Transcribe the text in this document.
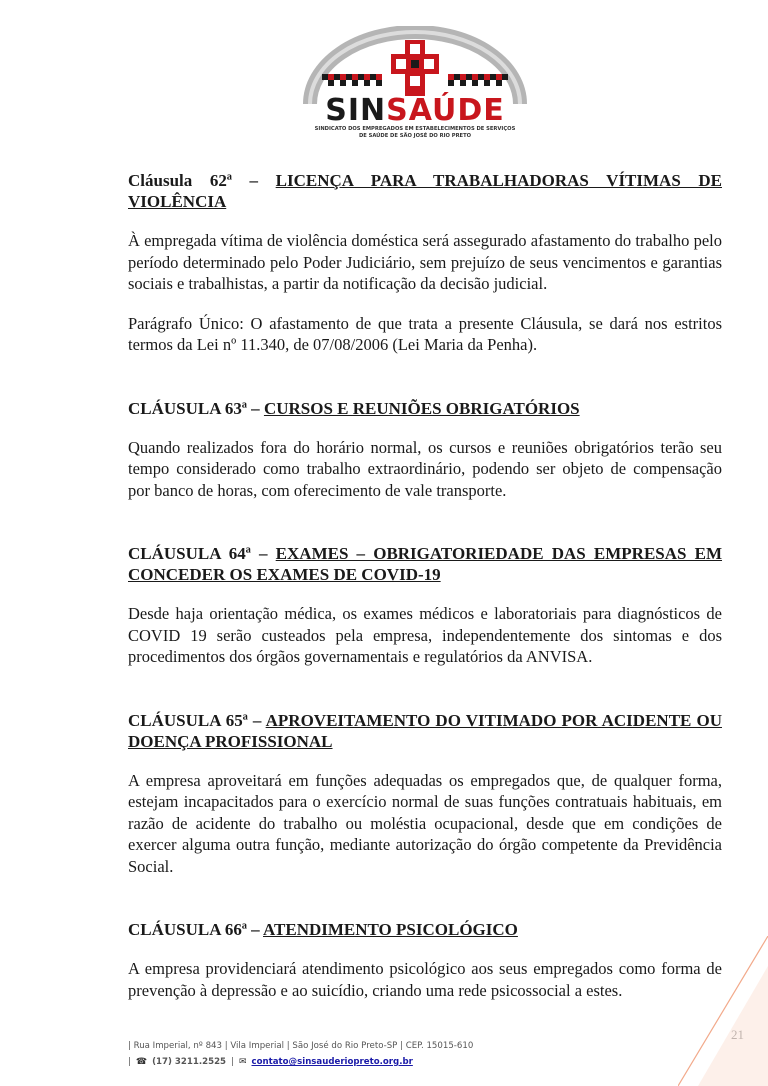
SINSAÚDE
SINDICATO DOS EMPREGADOS EM ESTABELECIMENTOS DE SERVIÇOS
DE SAÚDE DE SÃO JOSÉ DO RIO PRETO
Cláusula 62ª – LICENÇA PARA TRABALHADORAS VÍTIMAS DE VIOLÊNCIA

À empregada vítima de violência doméstica será assegurado afastamento do trabalho pelo período determinado pelo Poder Judiciário, sem prejuízo de seus vencimentos e garantias sociais e trabalhistas, a partir da notificação da decisão judicial.

Parágrafo Único: O afastamento de que trata a presente Cláusula, se dará nos estritos termos da Lei nº 11.340, de 07/08/2006 (Lei Maria da Penha).

CLÁUSULA 63ª – CURSOS E REUNIÕES OBRIGATÓRIOS

Quando realizados fora do horário normal, os cursos e reuniões obrigatórios terão seu tempo considerado como trabalho extraordinário, podendo ser objeto de compensação por banco de horas, com oferecimento de vale transporte.

CLÁUSULA 64ª – EXAMES – OBRIGATORIEDADE DAS EMPRESAS EM CONCEDER OS EXAMES DE COVID-19

Desde haja orientação médica, os exames médicos e laboratoriais para diagnósticos de COVID 19 serão custeados pela empresa, independentemente dos sintomas e dos procedimentos dos órgãos governamentais e regulatórios da ANVISA.

CLÁUSULA 65ª – APROVEITAMENTO DO VITIMADO POR ACIDENTE OU DOENÇA PROFISSIONAL

A empresa aproveitará em funções adequadas os empregados que, de qualquer forma, estejam incapacitados para o exercício normal de suas funções contratuais habituais, em razão de acidente do trabalho ou moléstia ocupacional, desde que em condições de exercer alguma outra função, mediante autorização do órgão competente da Previdência Social.

CLÁUSULA 66ª – ATENDIMENTO PSICOLÓGICO

A empresa providenciará atendimento psicológico aos seus empregados como forma de prevenção à depressão e ao suicídio, criando uma rede psicossocial a estes.

| Rua Imperial, nº 843 | Vila Imperial | São José do Rio Preto-SP | CEP. 15015-610
| ☎ (17) 3211.2525 | ✉ contato@sinsauderiopreto.org.br
